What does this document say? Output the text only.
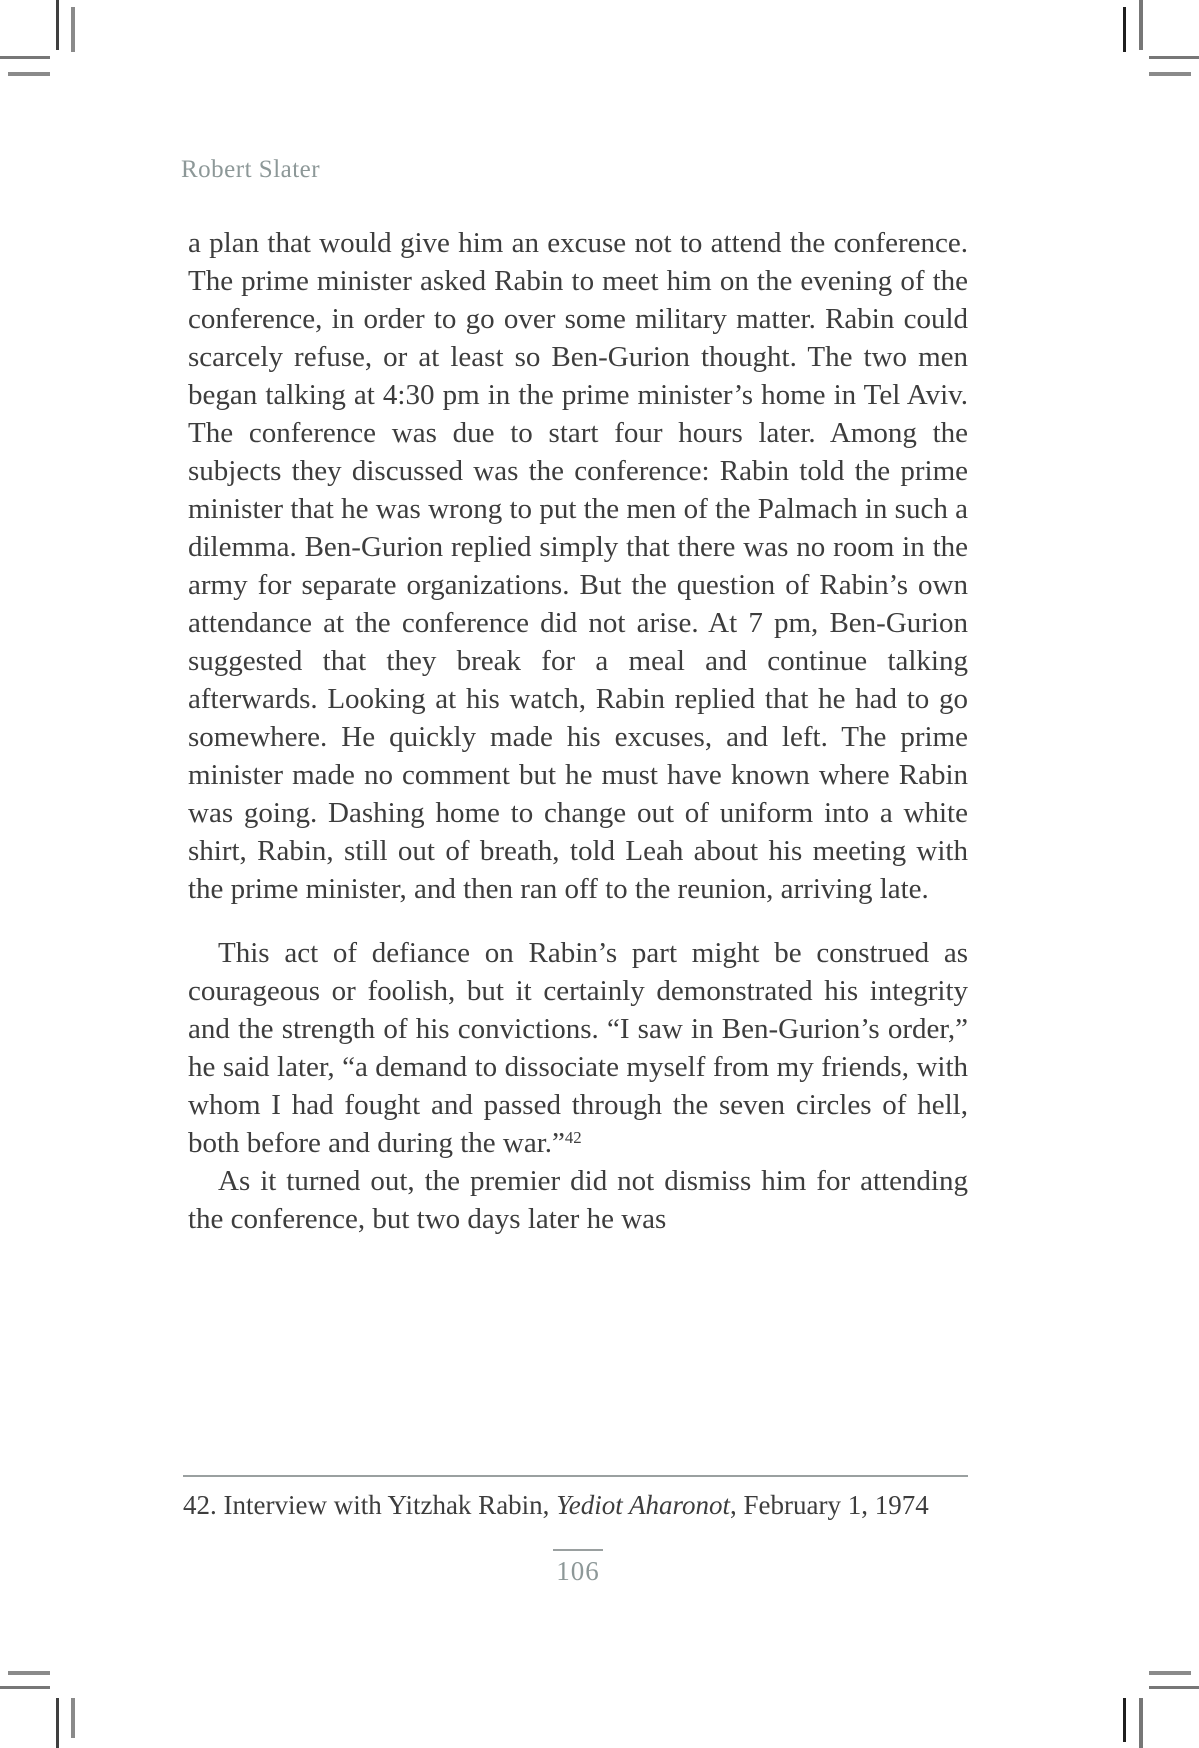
Robert Slater

a plan that would give him an excuse not to attend the conference. The prime minister asked Rabin to meet him on the evening of the conference, in order to go over some military matter. Rabin could scarcely refuse, or at least so Ben-Gurion thought. The two men began talking at 4:30 pm in the prime minister’s home in Tel Aviv. The conference was due to start four hours later. Among the subjects they discussed was the conference: Rabin told the prime minister that he was wrong to put the men of the Palmach in such a dilemma. Ben-Gurion replied simply that there was no room in the army for separate organizations. But the question of Rabin’s own attendance at the conference did not arise. At 7 pm, Ben-Gurion suggested that they break for a meal and continue talking afterwards. Looking at his watch, Rabin replied that he had to go somewhere. He quickly made his excuses, and left. The prime minister made no comment but he must have known where Rabin was going. Dashing home to change out of uniform into a white shirt, Rabin, still out of breath, told Leah about his meeting with the prime minister, and then ran off to the reunion, arriving late.

This act of defiance on Rabin’s part might be construed as courageous or foolish, but it certainly demonstrated his integrity and the strength of his convictions. “I saw in Ben-Gurion’s order,” he said later, “a demand to dissociate myself from my friends, with whom I had fought and passed through the seven circles of hell, both before and during the war.”$^{42}$

As it turned out, the premier did not dismiss him for attending the conference, but two days later he was

42. Interview with Yitzhak Rabin, Yediot Aharonot, February 1, 1974
106
